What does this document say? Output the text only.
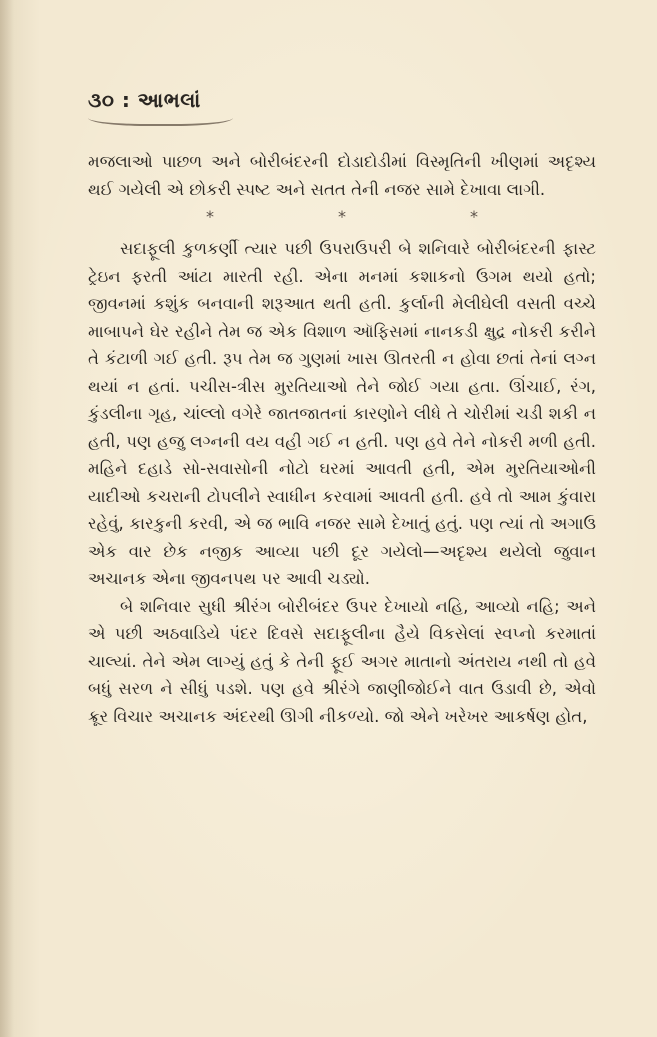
૩૦ : આભલાં

મજલાઓ પાછળ અને બોરીબંદરની દોડાદોડીમાં વિસ્મૃતિની ખીણમાં અદૃશ્ય થઈ ગયેલી એ છોકરી સ્પષ્ટ અને સતત તેની નજર સામે દેખાવા લાગી.

*	*	*

સદાફૂલી કુળકર્ણી ત્યાર પછી ઉપરાઉપરી બે શનિવારે બોરીબંદરની ફાસ્ટ ટ્રેઇન ફરતી આંટા મારતી રહી. એના મનમાં કશાકનો ઉગમ થયો હતો; જીવનમાં કશુંક બનવાની શરૂઆત થતી હતી. કુર્લાની મેલીઘેલી વસતી વચ્ચે માબાપને ઘેર રહીને તેમ જ એક વિશાળ ઑફિસમાં નાનકડી ક્ષુદ્ર નોકરી કરીને તે કંટાળી ગઈ હતી. રૂપ તેમ જ ગુણમાં ખાસ ઊતરતી ન હોવા છતાં તેનાં લગ્ન થયાં ન હતાં. પચીસ-ત્રીસ મુરતિયાઓ તેને જોઈ ગયા હતા. ઊંચાઈ, રંગ, કુંડલીના ગૃહ, ચાંલ્લો વગેરે જાતજાતનાં કારણોને લીધે તે ચોરીમાં ચડી શકી ન હતી, પણ હજુ લગ્નની વય વહી ગઈ ન હતી. પણ હવે તેને નોકરી મળી હતી. મહિને દહાડે સો-સવાસોની નોટો ઘરમાં આવતી હતી, એમ મુરતિયાઓની યાદીઓ કચરાની ટોપલીને સ્વાધીન કરવામાં આવતી હતી. હવે તો આમ કુંવારા રહેવું, કારકુની કરવી, એ જ ભાવિ નજર સામે દેખાતું હતું. પણ ત્યાં તો અગાઉ એક વાર છેક નજીક આવ્યા પછી દૂર ગયેલો—અદૃશ્ય થયેલો જુવાન અચાનક એના જીવનપથ પર આવી ચડ્યો.

બે શનિવાર સુધી શ્રીરંગ બોરીબંદર ઉપર દેખાયો નહિ, આવ્યો નહિ; અને એ પછી અઠવાડિયે પંદર દિવસે સદાફૂલીના હૈયે વિકસેલાં સ્વપ્નો કરમાતાં ચાલ્યાં. તેને એમ લાગ્યું હતું કે તેની ફૂઈ અગર માતાનો અંતરાય નથી તો હવે બધું સરળ ને સીધું પડશે. પણ હવે શ્રીરંગે જાણીજોઈને વાત ઉડાવી છે, એવો ક્રૂર વિચાર અચાનક અંદરથી ઊગી નીકળ્યો. જો એને ખરેખર આકર્ષણ હોત,
